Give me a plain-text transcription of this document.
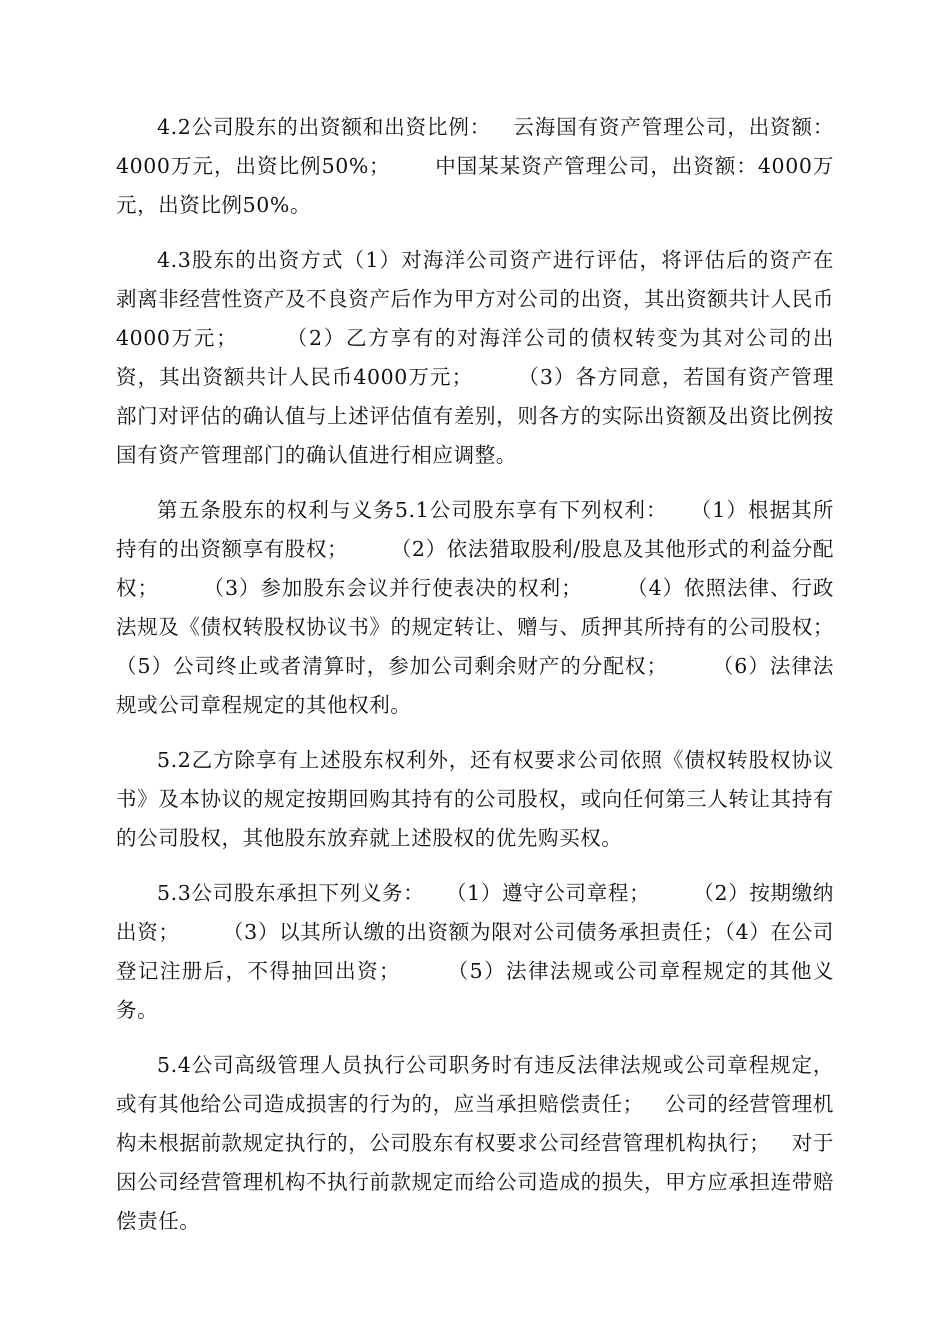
4.2公司股东的出资额和出资比例：   云海国有资产管理公司，出资额：4000万元，出资比例50%；      中国某某资产管理公司，出资额：4000万元，出资比例50%。

4.3股东的出资方式（1）对海洋公司资产进行评估，将评估后的资产在剥离非经营性资产及不良资产后作为甲方对公司的出资，其出资额共计人民币4000万元；      （2）乙方享有的对海洋公司的债权转变为其对公司的出资，其出资额共计人民币4000万元；      （3）各方同意，若国有资产管理部门对评估的确认值与上述评估值有差别，则各方的实际出资额及出资比例按国有资产管理部门的确认值进行相应调整。

第五条股东的权利与义务5.1公司股东享有下列权利：   （1）根据其所持有的出资额享有股权；      （2）依法猎取股利/股息及其他形式的利益分配权；      （3）参加股东会议并行使表决的权利；      （4）依照法律、行政法规及《债权转股权协议书》的规定转让、赠与、质押其所持有的公司股权；      （5）公司终止或者清算时，参加公司剩余财产的分配权；      （6）法律法规或公司章程规定的其他权利。

5.2乙方除享有上述股东权利外，还有权要求公司依照《债权转股权协议书》及本协议的规定按期回购其持有的公司股权，或向任何第三人转让其持有的公司股权，其他股东放弃就上述股权的优先购买权。

5.3公司股东承担下列义务：   （1）遵守公司章程；      （2）按期缴纳出资；      （3）以其所认缴的出资额为限对公司债务承担责任；（4）在公司登记注册后，不得抽回出资；      （5）法律法规或公司章程规定的其他义务。

5.4公司高级管理人员执行公司职务时有违反法律法规或公司章程规定，或有其他给公司造成损害的行为的，应当承担赔偿责任；   公司的经营管理机构未根据前款规定执行的，公司股东有权要求公司经营管理机构执行；   对于因公司经营管理机构不执行前款规定而给公司造成的损失，甲方应承担连带赔偿责任。
